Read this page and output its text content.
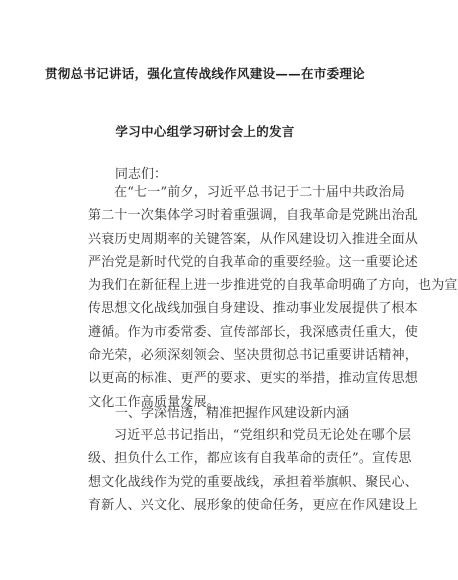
贯彻总书记讲话，强化宣传战线作风建设——在市委理论
学习中心组学习研讨会上的发言
同志们：
在“七一”前夕，习近平总书记于二十届中共政治局
第二十一次集体学习时着重强调，自我革命是党跳出治乱
兴衰历史周期率的关键答案，从作风建设切入推进全面从
严治党是新时代党的自我革命的重要经验。这一重要论述
为我们在新征程上进一步推进党的自我革命明确了方向，也为宣
传思想文化战线加强自身建设、推动事业发展提供了根本
遵循。作为市委常委、宣传部部长，我深感责任重大，使
命光荣，必须深刻领会、坚决贯彻总书记重要讲话精神，
以更高的标准、更严的要求、更实的举措，推动宣传思想
文化工作高质量发展。
一、学深悟透，精准把握作风建设新内涵
习近平总书记指出，“党组织和党员无论处在哪个层
级、担负什么工作，都应该有自我革命的责任”。宣传思
想文化战线作为党的重要战线，承担着举旗帜、聚民心、
育新人、兴文化、展形象的使命任务，更应在作风建设上
